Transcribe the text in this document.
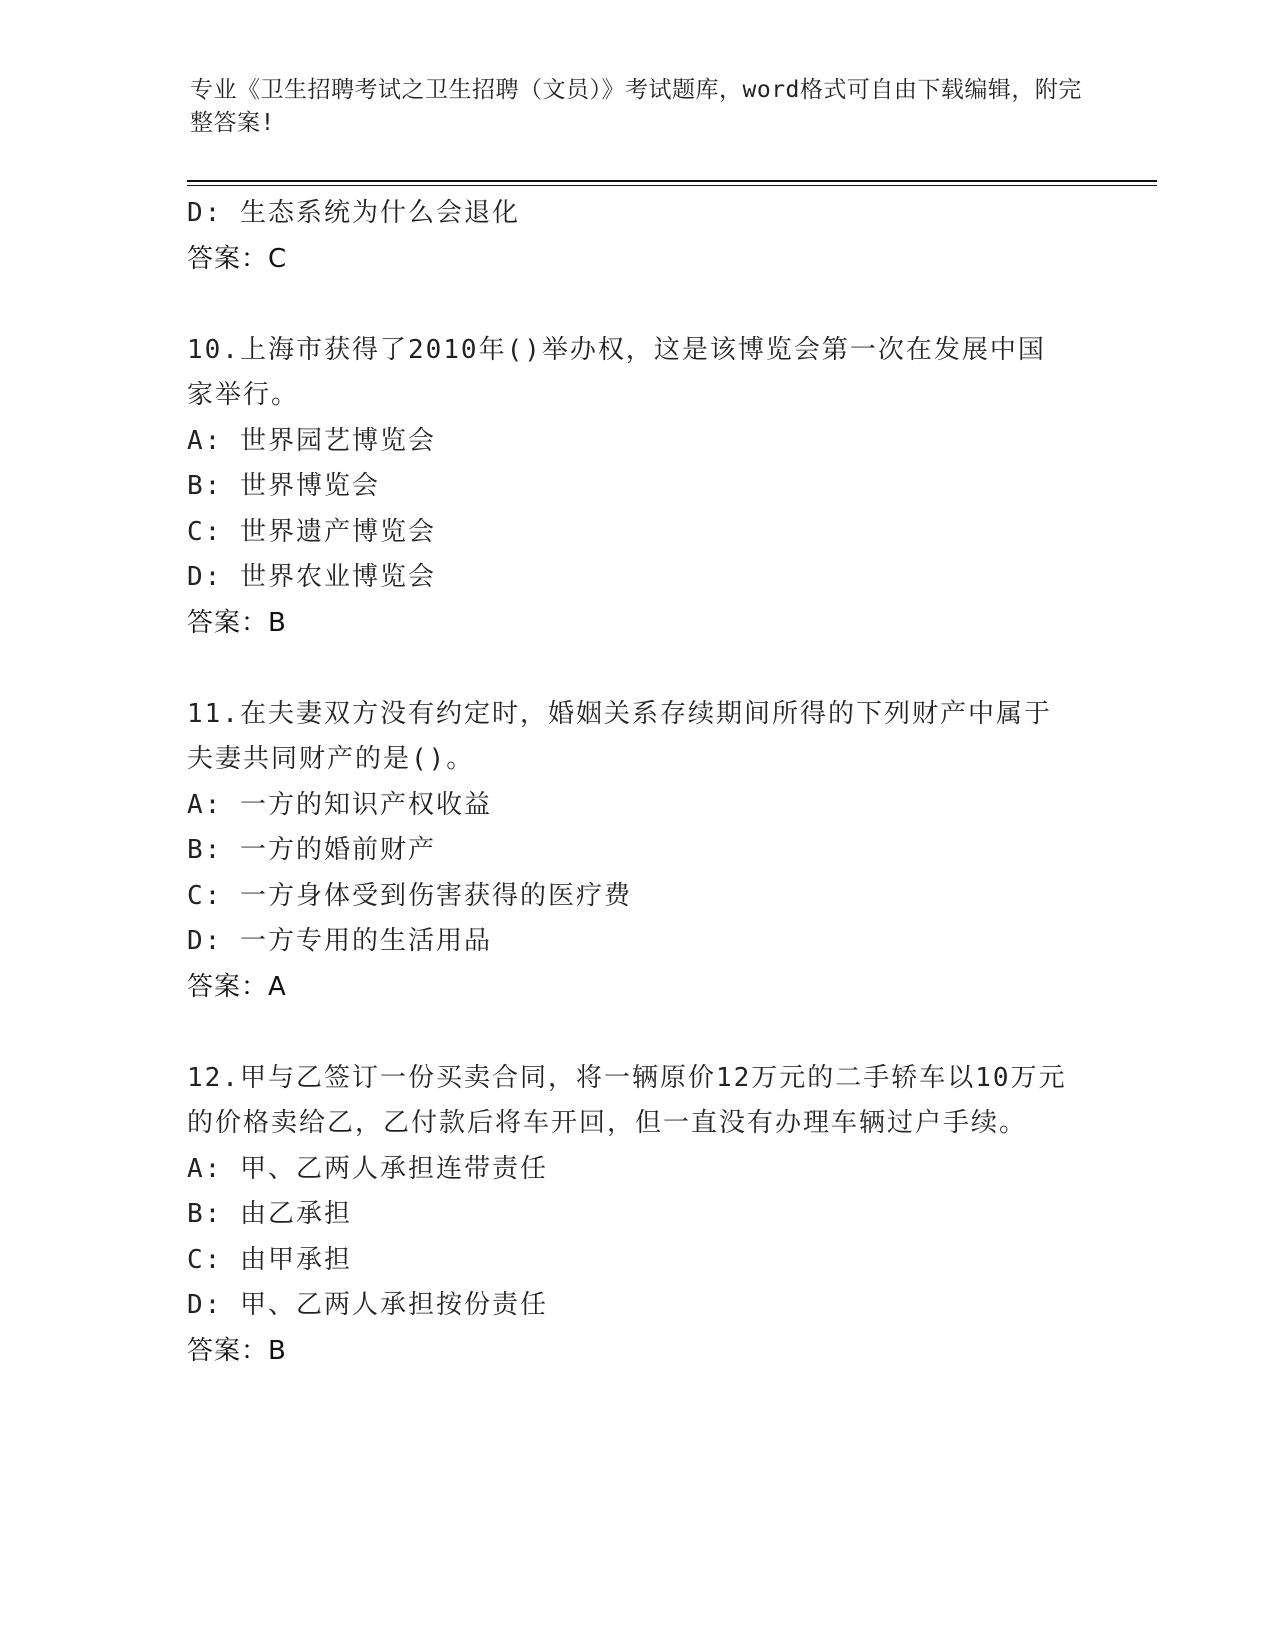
专业《卫生招聘考试之卫生招聘（文员）》考试题库，word格式可自由下载编辑，附完整答案!
D: 生态系统为什么会退化
答案：C
10.上海市获得了2010年()举办权，这是该博览会第一次在发展中国家举行。
A: 世界园艺博览会
B: 世界博览会
C: 世界遗产博览会
D: 世界农业博览会
答案：B
11.在夫妻双方没有约定时，婚姻关系存续期间所得的下列财产中属于夫妻共同财产的是()。
A: 一方的知识产权收益
B: 一方的婚前财产
C: 一方身体受到伤害获得的医疗费
D: 一方专用的生活用品
答案：A
12.甲与乙签订一份买卖合同，将一辆原价12万元的二手轿车以10万元的价格卖给乙，乙付款后将车开回，但一直没有办理车辆过户手续。
A: 甲、乙两人承担连带责任
B: 由乙承担
C: 由甲承担
D: 甲、乙两人承担按份责任
答案：B
